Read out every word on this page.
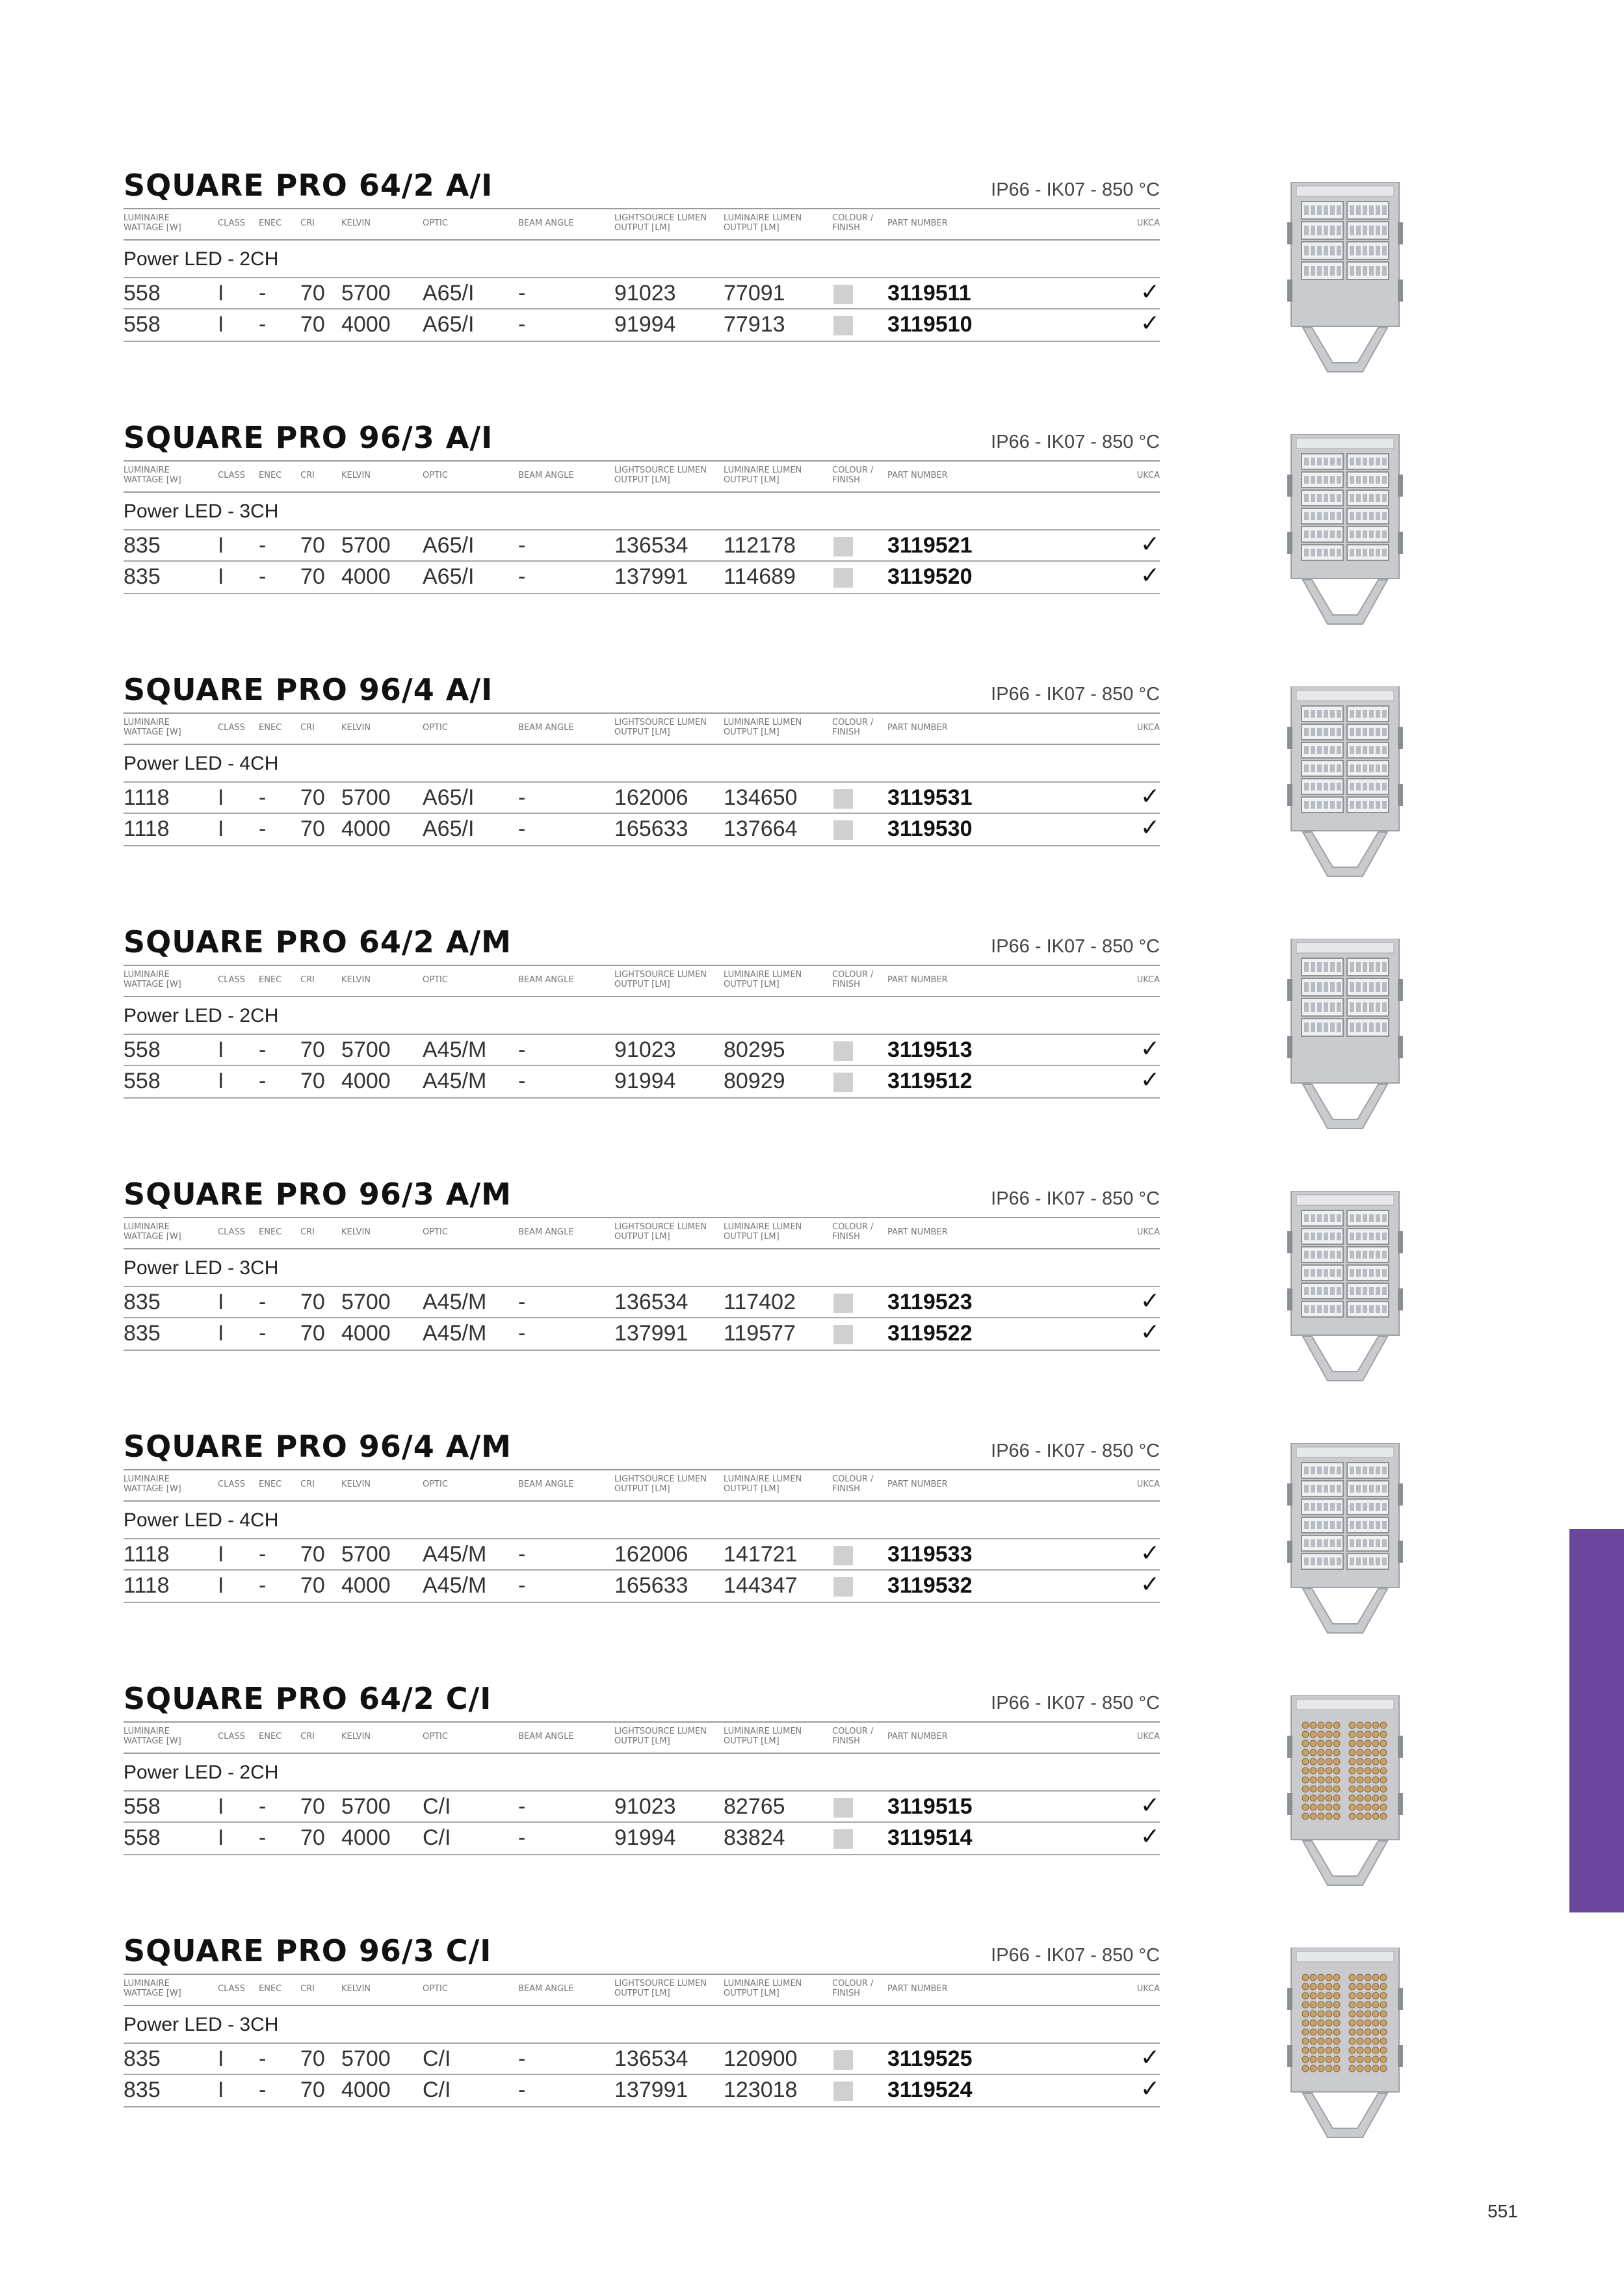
SQUARE PRO 64/2 A/I	IP66 - IK07 - 850 °C
LUMINAIRE
WATTAGE [W]	CLASS ENEC CRI	KELVIN	OPTIC	BEAM ANGLE
LIGHTSOURCE LUMEN
OUTPUT [LM]
LUMINAIRE LUMEN
OUTPUT [LM]
COLOUR /
FINISH	PART NUMBER	UKCA
Power LED - 2CH
558	I - 70 5700 A65/I -	91023 77091	3119511	✓
558	I - 70 4000 A65/I -	91994 77913	3119510	✓
SQUARE PRO 96/3 A/I	IP66 - IK07 - 850 °C
LUMINAIRE
WATTAGE [W]	CLASS ENEC CRI	KELVIN	OPTIC	BEAM ANGLE
LIGHTSOURCE LUMEN
OUTPUT [LM]
LUMINAIRE LUMEN
OUTPUT [LM]
COLOUR /
FINISH	PART NUMBER	UKCA
Power LED - 3CH
835	I - 70 5700 A65/I -	136534 112178	3119521	✓
835	I - 70 4000 A65/I -	137991 114689	3119520	✓
SQUARE PRO 96/4 A/I	IP66 - IK07 - 850 °C
LUMINAIRE
WATTAGE [W]	CLASS ENEC CRI	KELVIN	OPTIC	BEAM ANGLE
LIGHTSOURCE LUMEN
OUTPUT [LM]
LUMINAIRE LUMEN
OUTPUT [LM]
COLOUR /
FINISH	PART NUMBER	UKCA
Power LED - 4CH
1118 I - 70 5700 A65/I -	162006 134650	3119531	✓
1118 I - 70 4000 A65/I -	165633 137664	3119530	✓
SQUARE PRO 64/2 A/M	IP66 - IK07 - 850 °C
LUMINAIRE
WATTAGE [W]	CLASS ENEC CRI	KELVIN	OPTIC	BEAM ANGLE
LIGHTSOURCE LUMEN
OUTPUT [LM]
LUMINAIRE LUMEN
OUTPUT [LM]
COLOUR /
FINISH	PART NUMBER	UKCA
Power LED - 2CH
558	I - 70 5700 A45/M -	91023 80295	3119513	✓
558	I - 70 4000 A45/M -	91994 80929	3119512	✓
SQUARE PRO 96/3 A/M	IP66 - IK07 - 850 °C
LUMINAIRE
WATTAGE [W]	CLASS ENEC CRI	KELVIN	OPTIC	BEAM ANGLE
LIGHTSOURCE LUMEN
OUTPUT [LM]
LUMINAIRE LUMEN
OUTPUT [LM]
COLOUR /
FINISH	PART NUMBER	UKCA
Power LED - 3CH
835	I - 70 5700 A45/M -	136534 117402	3119523	✓
835	I - 70 4000 A45/M -	137991 119577	3119522	✓
SQUARE PRO 96/4 A/M	IP66 - IK07 - 850 °C
LUMINAIRE
WATTAGE [W]	CLASS ENEC CRI	KELVIN	OPTIC	BEAM ANGLE
LIGHTSOURCE LUMEN
OUTPUT [LM]
LUMINAIRE LUMEN
OUTPUT [LM]
COLOUR /
FINISH	PART NUMBER	UKCA
Power LED - 4CH
1118 I - 70 5700 A45/M -	162006 141721	3119533	✓
1118 I - 70 4000 A45/M -	165633 144347	3119532	✓
SQUARE PRO 64/2 C/I	IP66 - IK07 - 850 °C
LUMINAIRE
WATTAGE [W]	CLASS ENEC CRI	KELVIN	OPTIC	BEAM ANGLE
LIGHTSOURCE LUMEN
OUTPUT [LM]
LUMINAIRE LUMEN
OUTPUT [LM]
COLOUR /
FINISH	PART NUMBER	UKCA
Power LED - 2CH
558	I - 70 5700 C/I	-	91023 82765	3119515	✓
558	I - 70 4000 C/I	-	91994 83824	3119514	✓
SQUARE PRO 96/3 C/I	IP66 - IK07 - 850 °C
LUMINAIRE
WATTAGE [W]	CLASS ENEC CRI	KELVIN	OPTIC	BEAM ANGLE
LIGHTSOURCE LUMEN
OUTPUT [LM]
LUMINAIRE LUMEN
OUTPUT [LM]
COLOUR /
FINISH	PART NUMBER	UKCA
Power LED - 3CH
835	I - 70 5700 C/I	-	136534 120900	3119525	✓
835	I - 70 4000 C/I	-	137991 123018	3119524	✓
551
